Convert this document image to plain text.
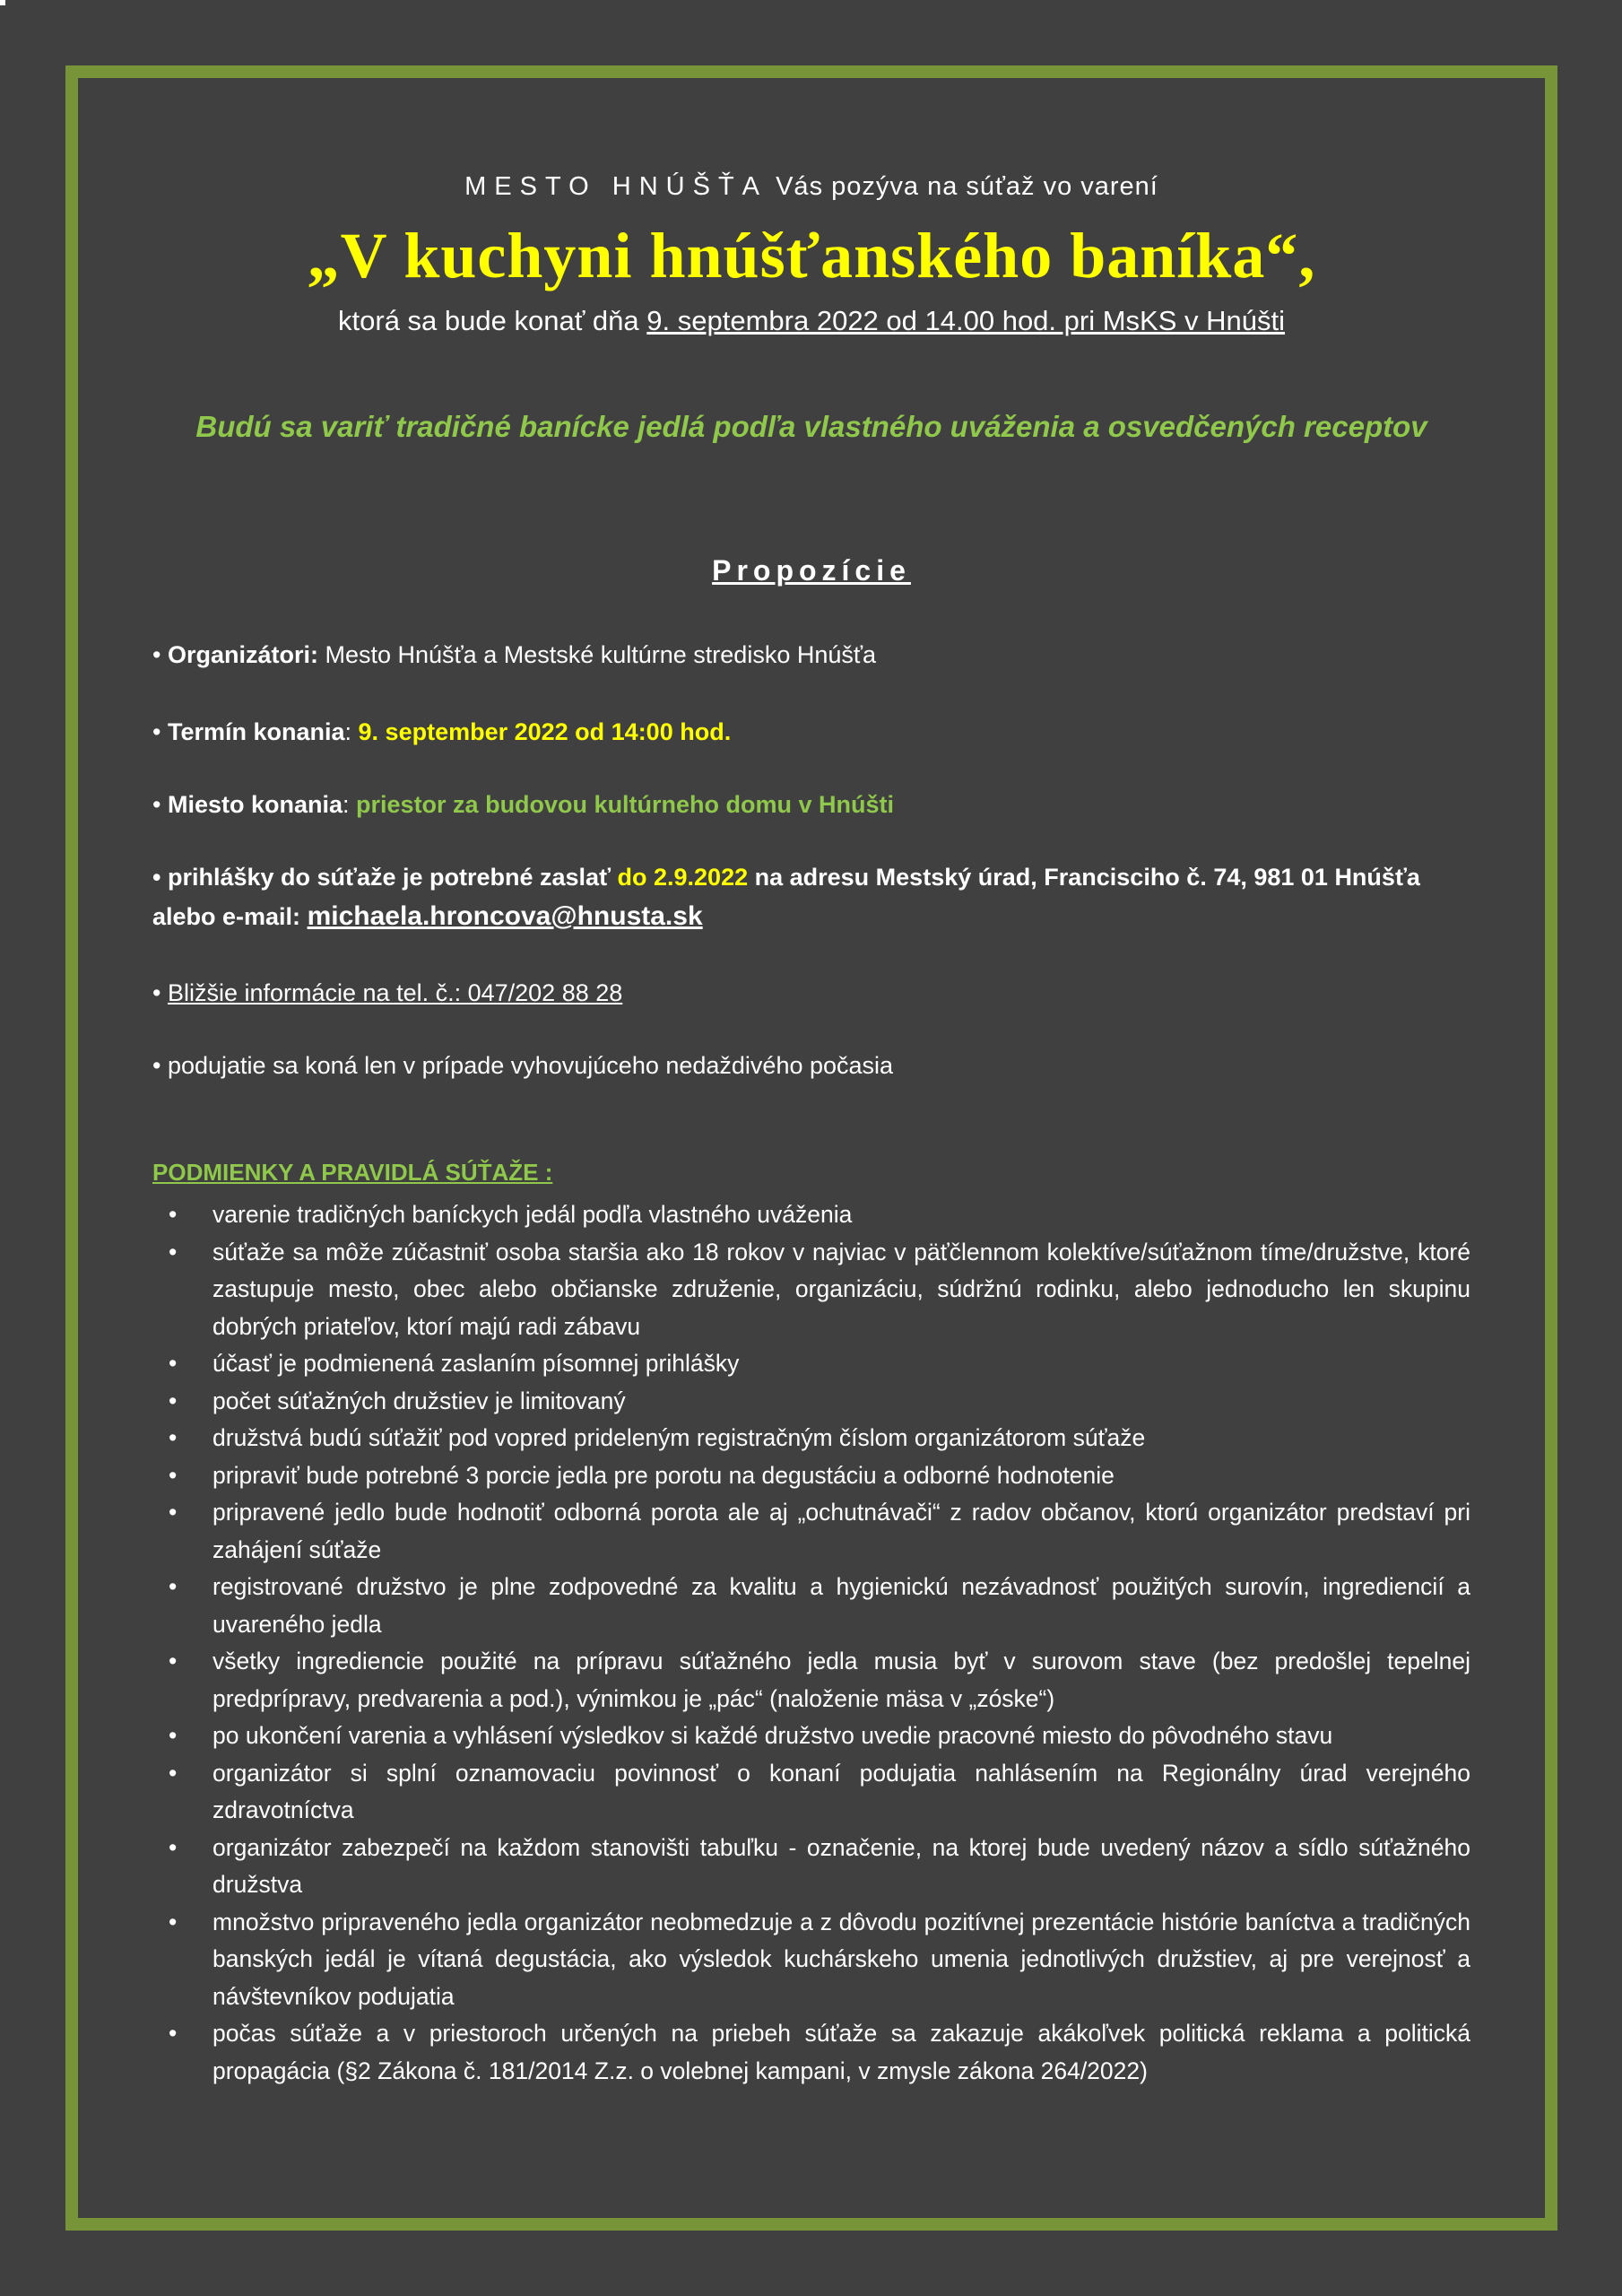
MESTO HNÚŠŤA Vás pozýva na súťaž vo varení
„V kuchyni hnúšťanského baníka“,
ktorá sa bude konať dňa 9. septembra 2022 od 14.00 hod. pri MsKS v Hnúšti
Budú sa variť tradičné banícke jedlá podľa vlastného uváženia a osvedčených receptov
Propozície
• Organizátori: Mesto Hnúšťa a Mestské kultúrne stredisko Hnúšťa
• Termín konania: 9. september 2022 od 14:00 hod.
• Miesto konania: priestor za budovou kultúrneho domu v Hnúšti
• prihlášky do súťaže je potrebné zaslať do 2.9.2022 na adresu Mestský úrad, Francisciho č. 74, 981 01 Hnúšťa
alebo e-mail: michaela.hroncova@hnusta.sk
• Bližšie informácie na tel. č.: 047/202 88 28
• podujatie sa koná len v prípade vyhovujúceho nedaždivého počasia
PODMIENKY A PRAVIDLÁ SÚŤAŽE :
• varenie tradičných baníckych jedál podľa vlastného uváženia
• súťaže sa môže zúčastniť osoba staršia ako 18 rokov v najviac v päťčlennom kolektíve/súťažnom tíme/družstve, ktoré zastupuje mesto, obec alebo občianske združenie, organizáciu, súdržnú rodinku, alebo jednoducho len skupinu dobrých priateľov, ktorí majú radi zábavu
• účasť je podmienená zaslaním písomnej prihlášky
• počet súťažných družstiev je limitovaný
• družstvá budú súťažiť pod vopred prideleným registračným číslom organizátorom súťaže
• pripraviť bude potrebné 3 porcie jedla pre porotu na degustáciu a odborné hodnotenie
• pripravené jedlo bude hodnotiť odborná porota ale aj „ochutnávači“ z radov občanov, ktorú organizátor predstaví pri zahájení súťaže
• registrované družstvo je plne zodpovedné za kvalitu a hygienickú nezávadnosť použitých surovín, ingrediencií a uvareného jedla
• všetky ingrediencie použité na prípravu súťažného jedla musia byť v surovom stave (bez predošlej tepelnej predprípravy, predvarenia a pod.), výnimkou je „pác“ (naloženie mäsa v „zóske“)
• po ukončení varenia a vyhlásení výsledkov si každé družstvo uvedie pracovné miesto do pôvodného stavu
• organizátor si splní oznamovaciu povinnosť o konaní podujatia nahlásením na Regionálny úrad verejného zdravotníctva
• organizátor zabezpečí na každom stanovišti tabuľku - označenie, na ktorej bude uvedený názov a sídlo súťažného družstva
• množstvo pripraveného jedla organizátor neobmedzuje a z dôvodu pozitívnej prezentácie histórie baníctva a tradičných banských jedál je vítaná degustácia, ako výsledok kuchárskeho umenia jednotlivých družstiev, aj pre verejnosť a návštevníkov podujatia
• počas súťaže a v priestoroch určených na priebeh súťaže sa zakazuje akákoľvek politická reklama a politická propagácia (§2 Zákona č. 181/2014 Z.z. o volebnej kampani, v zmysle zákona 264/2022)
